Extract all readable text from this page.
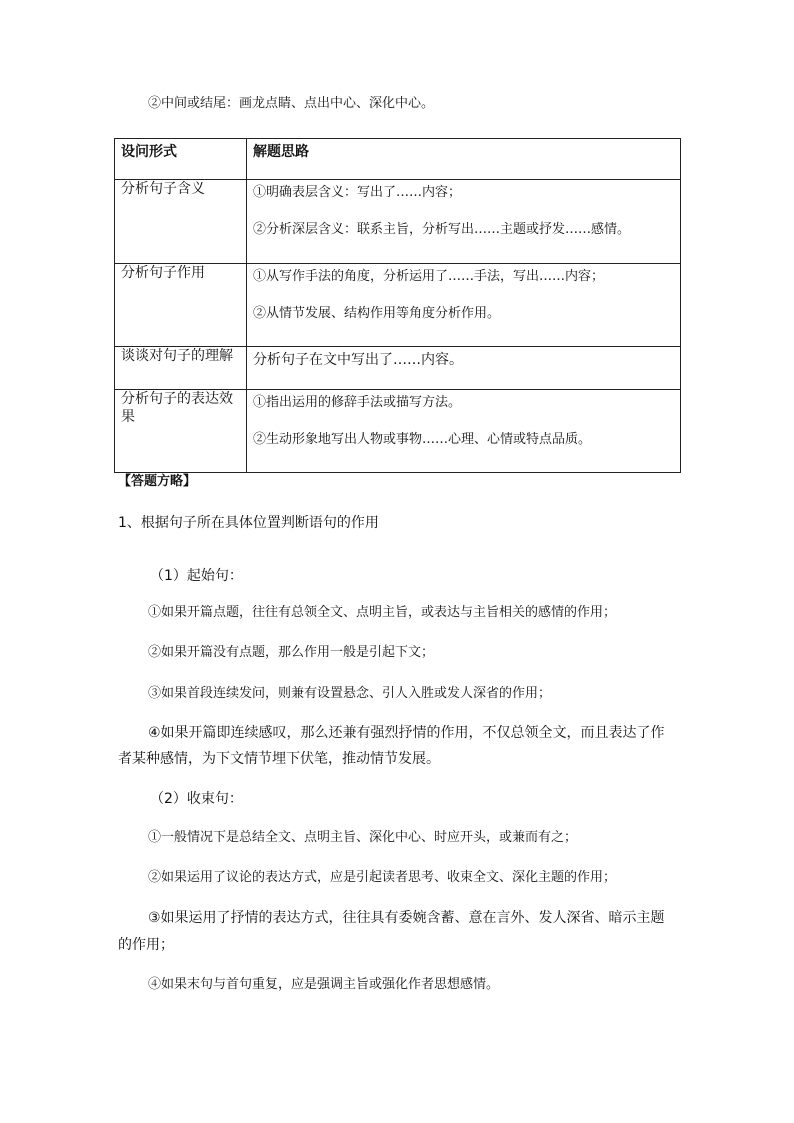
②中间或结尾：画龙点睛、点出中心、深化中心。
设问形式	解题思路
分析句子含义	①明确表层含义：写出了……内容；
②分析深层含义：联系主旨，分析写出……主题或抒发……感情。

分析句子作用	①从写作手法的角度，分析运用了……手法，写出……内容；
②从情节发展、结构作用等角度分析作用。

谈谈对句子的理解	分析句子在文中写出了……内容。

分析句子的表达效果	①指出运用的修辞手法或描写方法。
②生动形象地写出人物或事物……心理、心情或特点品质。
【答题方略】
1、根据句子所在具体位置判断语句的作用
（1）起始句：
①如果开篇点题，往往有总领全文、点明主旨，或表达与主旨相关的感情的作用；
②如果开篇没有点题，那么作用一般是引起下文；
③如果首段连续发问，则兼有设置悬念、引人入胜或发人深省的作用；
④如果开篇即连续感叹，那么还兼有强烈抒情的作用，不仅总领全文，而且表达了作
者某种感情，为下文情节埋下伏笔，推动情节发展。
（2）收束句：
①一般情况下是总结全文、点明主旨、深化中心、时应开头，或兼而有之；
②如果运用了议论的表达方式，应是引起读者思考、收束全文、深化主题的作用；
③如果运用了抒情的表达方式，往往具有委婉含蓄、意在言外、发人深省、暗示主题
的作用；
④如果末句与首句重复，应是强调主旨或强化作者思想感情。
